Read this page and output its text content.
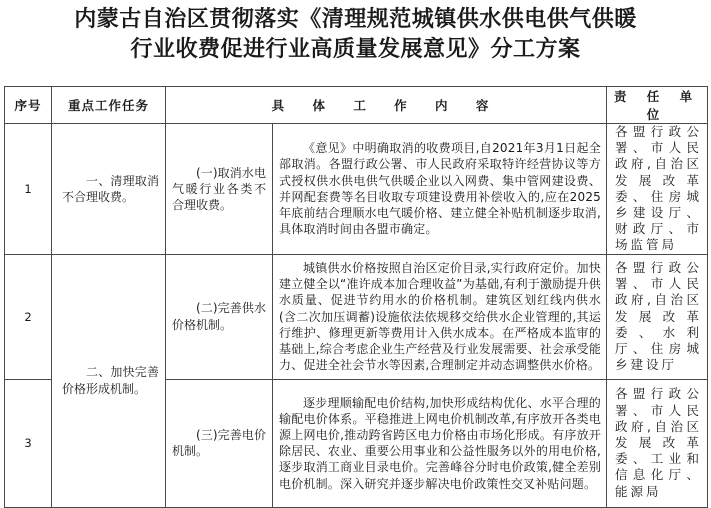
内蒙古自治区贯彻落实《清理规范城镇供水供电供气供暖
行业收费促进行业高质量发展意见》分工方案
序号	重点工作任务	具 体 工 作 内 容		责 任 单 位
1	一、清理取消不合理收费。	(一)取消水电气暖行业各类不合理收费。	《意见》中明确取消的收费项目,自2021年3月1日起全部取消。各盟行政公署、市人民政府采取特许经营协议等方式授权供水供电供气供暖企业以入网费、集中管网建设费、并网配套费等名目收取专项建设费用补偿收入的,应在2025年底前结合理顺水电气暖价格、建立健全补贴机制逐步取消,具体取消时间由各盟市确定。	各盟行政公署、市人民政府,自治区发展改革委、住房城乡建设厅、财政厅、市场监管局
2	二、加快完善价格形成机制。	(二)完善供水价格机制。	城镇供水价格按照自治区定价目录,实行政府定价。加快建立健全以“准许成本加合理收益”为基础,有利于激励提升供水质量、促进节约用水的价格机制。建筑区划红线内供水(含二次加压调蓄)设施依法依规移交给供水企业管理的,其运行维护、修理更新等费用计入供水成本。在严格成本监审的基础上,综合考虑企业生产经营及行业发展需要、社会承受能力、促进全社会节水等因素,合理制定并动态调整供水价格。	各盟行政公署、市人民政府,自治区发展改革委、水利厅、住房城乡建设厅
3		(三)完善电价机制。	逐步理顺输配电价结构,加快形成结构优化、水平合理的输配电价体系。平稳推进上网电价机制改革,有序放开各类电源上网电价,推动跨省跨区电力价格由市场化形成。有序放开除居民、农业、重要公用事业和公益性服务以外的用电价格,逐步取消工商业目录电价。完善峰谷分时电价政策,健全差别电价机制。深入研究并逐步解决电价政策性交叉补贴问题。	各盟行政公署、市人民政府,自治区发展改革委、工业和信息化厅、能源局
